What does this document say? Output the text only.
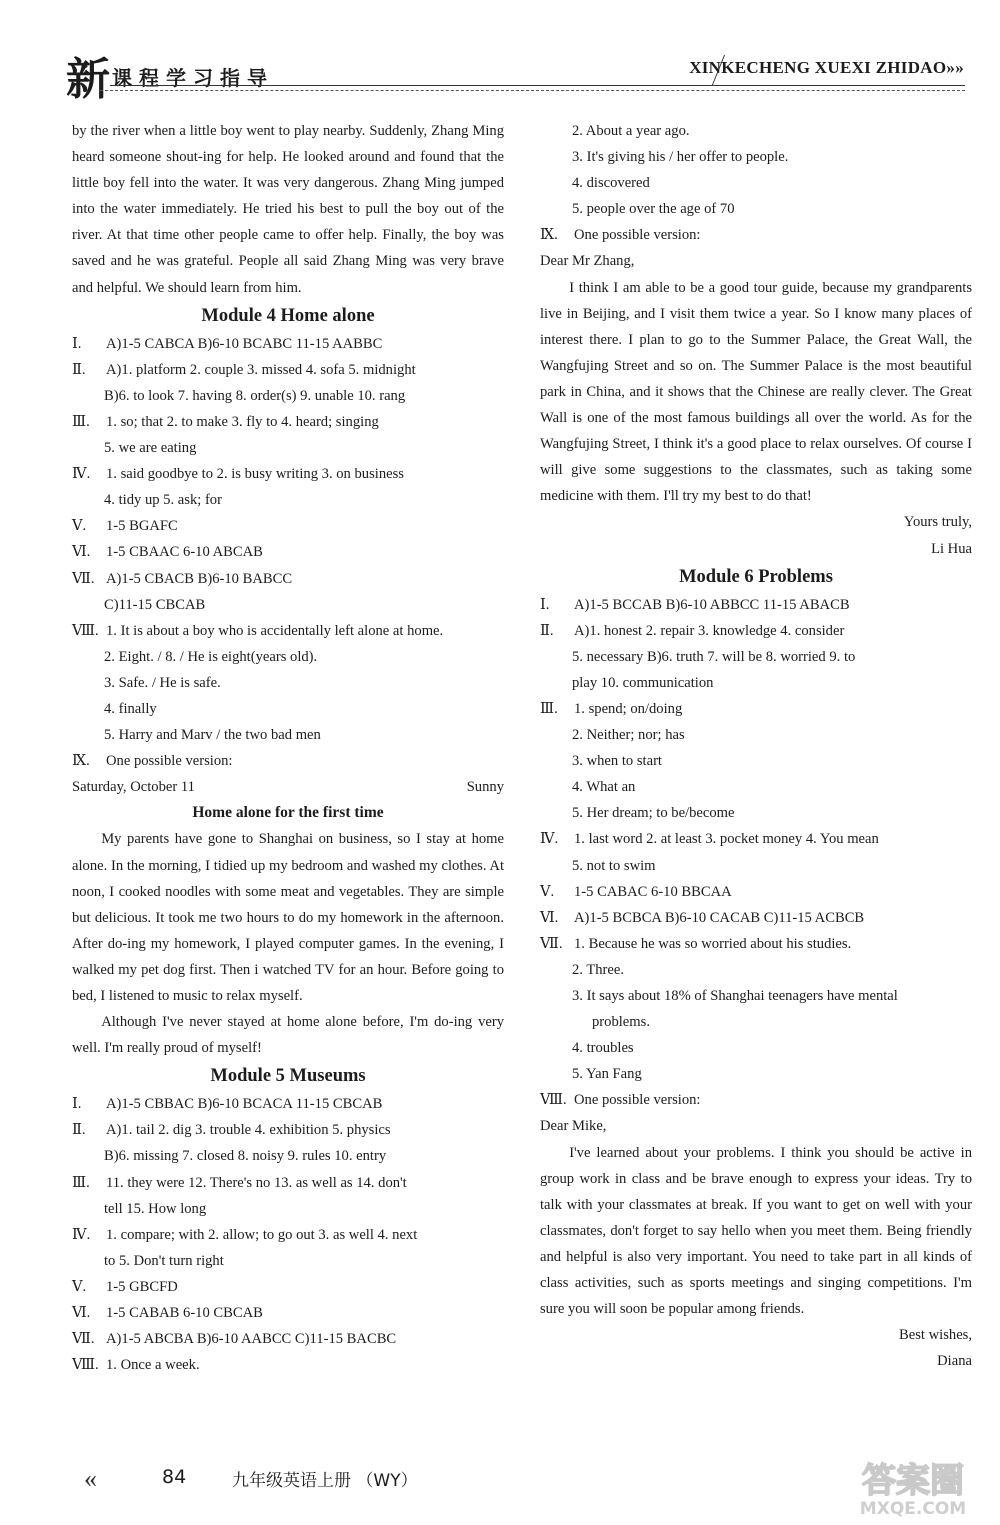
新 课程学习指导	XINKECHENG XUEXI ZHIDAO»»

by the river when a little boy went to play nearby. Suddenly, Zhang Ming heard someone shout-ing for help. He looked around and found that the little boy fell into the water. It was very dangerous. Zhang Ming jumped into the water immediately. He tried his best to pull the boy out of the river. At that time other people came to offer help. Finally, the boy was saved and he was grateful. People all said Zhang Ming was very brave and helpful. We should learn from him.

Module 4 Home alone
Ⅰ.	A)1-5 CABCA B)6-10 BCABC 11-15 AABBC
Ⅱ.	A)1. platform 2. couple 3. missed 4. sofa 5. midnight
B)6. to look 7. having 8. order(s) 9. unable 10. rang
Ⅲ.	1. so; that 2. to make 3. fly to 4. heard; singing
5. we are eating
Ⅳ.	1. said goodbye to 2. is busy writing 3. on business
4. tidy up 5. ask; for
Ⅴ.	1-5 BGAFC
Ⅵ.	1-5 CBAAC 6-10 ABCAB
Ⅶ. A)1-5 CBACB B)6-10 BABCC
C)11-15 CBCAB
Ⅷ. 1. It is about a boy who is accidentally left alone at home.
2. Eight. / 8. / He is eight(years old).
3. Safe. / He is safe.
4. finally
5. Harry and Marv / the two bad men
Ⅸ.	One possible version:
Saturday, October 11	Sunny
Home alone for the first time

My parents have gone to Shanghai on business, so I stay at home alone. In the morning, I tidied up my bedroom and washed my clothes. At noon, I cooked noodles with some meat and vegetables. They are simple but delicious. It took me two hours to do my homework in the afternoon. After do-ing my homework, I played computer games. In the evening, I walked my pet dog first. Then i watched TV for an hour. Before going to bed, I listened to music to relax myself.

Although I've never stayed at home alone before, I'm do-ing very well. I'm really proud of myself!

Module 5 Museums
Ⅰ.	A)1-5 CBBAC B)6-10 BCACA 11-15 CBCAB
Ⅱ.	A)1. tail 2. dig 3. trouble 4. exhibition 5. physics
B)6. missing 7. closed 8. noisy 9. rules 10. entry
Ⅲ.	11. they were 12. There's no 13. as well as 14. don't
tell 15. How long
Ⅳ.	1. compare; with 2. allow; to go out 3. as well 4. next
to 5. Don't turn right
Ⅴ.	1-5 GBCFD
Ⅵ.	1-5 CABAB 6-10 CBCAB
Ⅶ. A)1-5 ABCBA B)6-10 AABCC C)11-15 BACBC
Ⅷ. 1. Once a week.
2. About a year ago.
3. It's giving his / her offer to people.
4. discovered
5. people over the age of 70
Ⅸ.	One possible version:
Dear Mr Zhang,

I think I am able to be a good tour guide, because my grandparents live in Beijing, and I visit them twice a year. So I know many places of interest there. I plan to go to the Summer Palace, the Great Wall, the Wangfujing Street and so on. The Summer Palace is the most beautiful park in China, and it shows that the Chinese are really clever. The Great Wall is one of the most famous buildings all over the world. As for the Wangfujing Street, I think it's a good place to relax ourselves. Of course I will give some suggestions to the classmates, such as taking some medicine with them. I'll try my best to do that!

Yours truly,
Li Hua
Module 6 Problems
Ⅰ.	A)1-5 BCCAB B)6-10 ABBCC 11-15 ABACB
Ⅱ.	A)1. honest 2. repair 3. knowledge 4. consider
5. necessary B)6. truth 7. will be 8. worried 9. to
play 10. communication
Ⅲ.	1. spend; on/doing
2. Neither; nor; has
3. when to start
4. What an
5. Her dream; to be/become
Ⅳ.	1. last word 2. at least 3. pocket money 4. You mean
5. not to swim
Ⅴ.	1-5 CABAC 6-10 BBCAA
Ⅵ.	A)1-5 BCBCA B)6-10 CACAB C)11-15 ACBCB
Ⅶ. 1. Because he was so worried about his studies.
2. Three.
3. It says about 18% of Shanghai teenagers have mental
problems.
4. troubles
5. Yan Fang
Ⅷ. One possible version:
Dear Mike,

I've learned about your problems. I think you should be active in group work in class and be brave enough to express your ideas. Try to talk with your classmates at break. If you want to get on well with your classmates, don't forget to say hello when you meet them. Being friendly and helpful is also very important. You need to take part in all kinds of class activities, such as sports meetings and singing competitions. I'm sure you will soon be popular among friends.

Best wishes,
Diana
«	84	九年级英语上册 （WY）	答案圈
MXQE.COM
